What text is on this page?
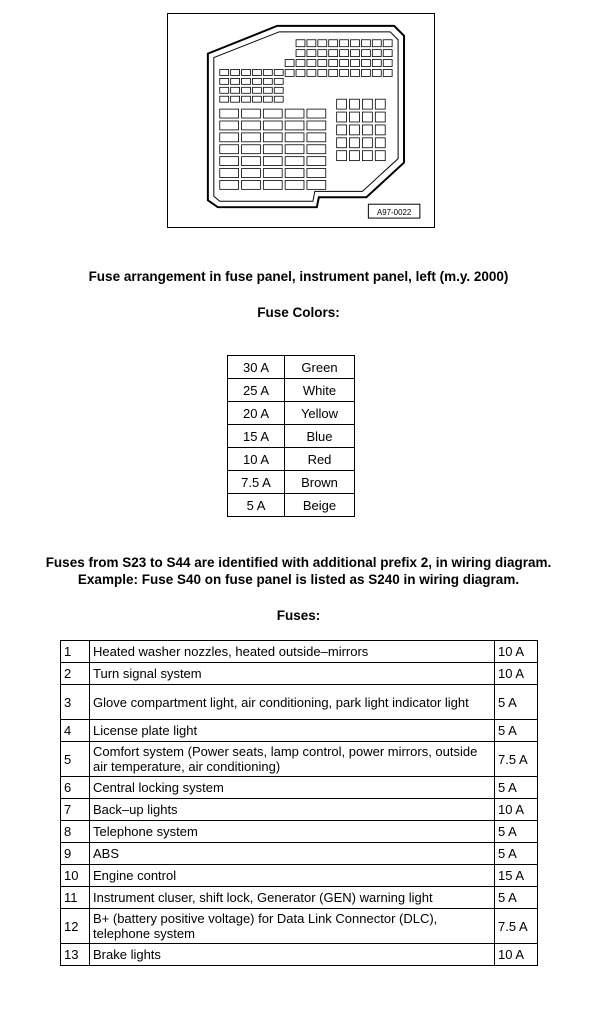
A97-0022
Fuse arrangement in fuse panel, instrument panel, left (m.y. 2000)
Fuse Colors:
30 A	Green
25 A	White
20 A	Yellow
15 A	Blue
10 A	Red
7.5 A	Brown
5 A	Beige
Fuses from S23 to S44 are identified with additional prefix 2, in wiring diagram.
Example: Fuse S40 on fuse panel is listed as S240 in wiring diagram.
Fuses:
1	Heated washer nozzles, heated outside–mirrors	10 A
2	Turn signal system	10 A
3	Glove compartment light, air conditioning, park light indicator light	5 A
4	License plate light	5 A
5	Comfort system (Power seats, lamp control, power mirrors, outside air temperature, air conditioning)	7.5 A
6	Central locking system	5 A
7	Back–up lights	10 A
8	Telephone system	5 A
9	ABS	5 A
10	Engine control	15 A
11	Instrument cluser, shift lock, Generator (GEN) warning light	5 A
12	B+ (battery positive voltage) for Data Link Connector (DLC), telephone system	7.5 A
13	Brake lights	10 A
